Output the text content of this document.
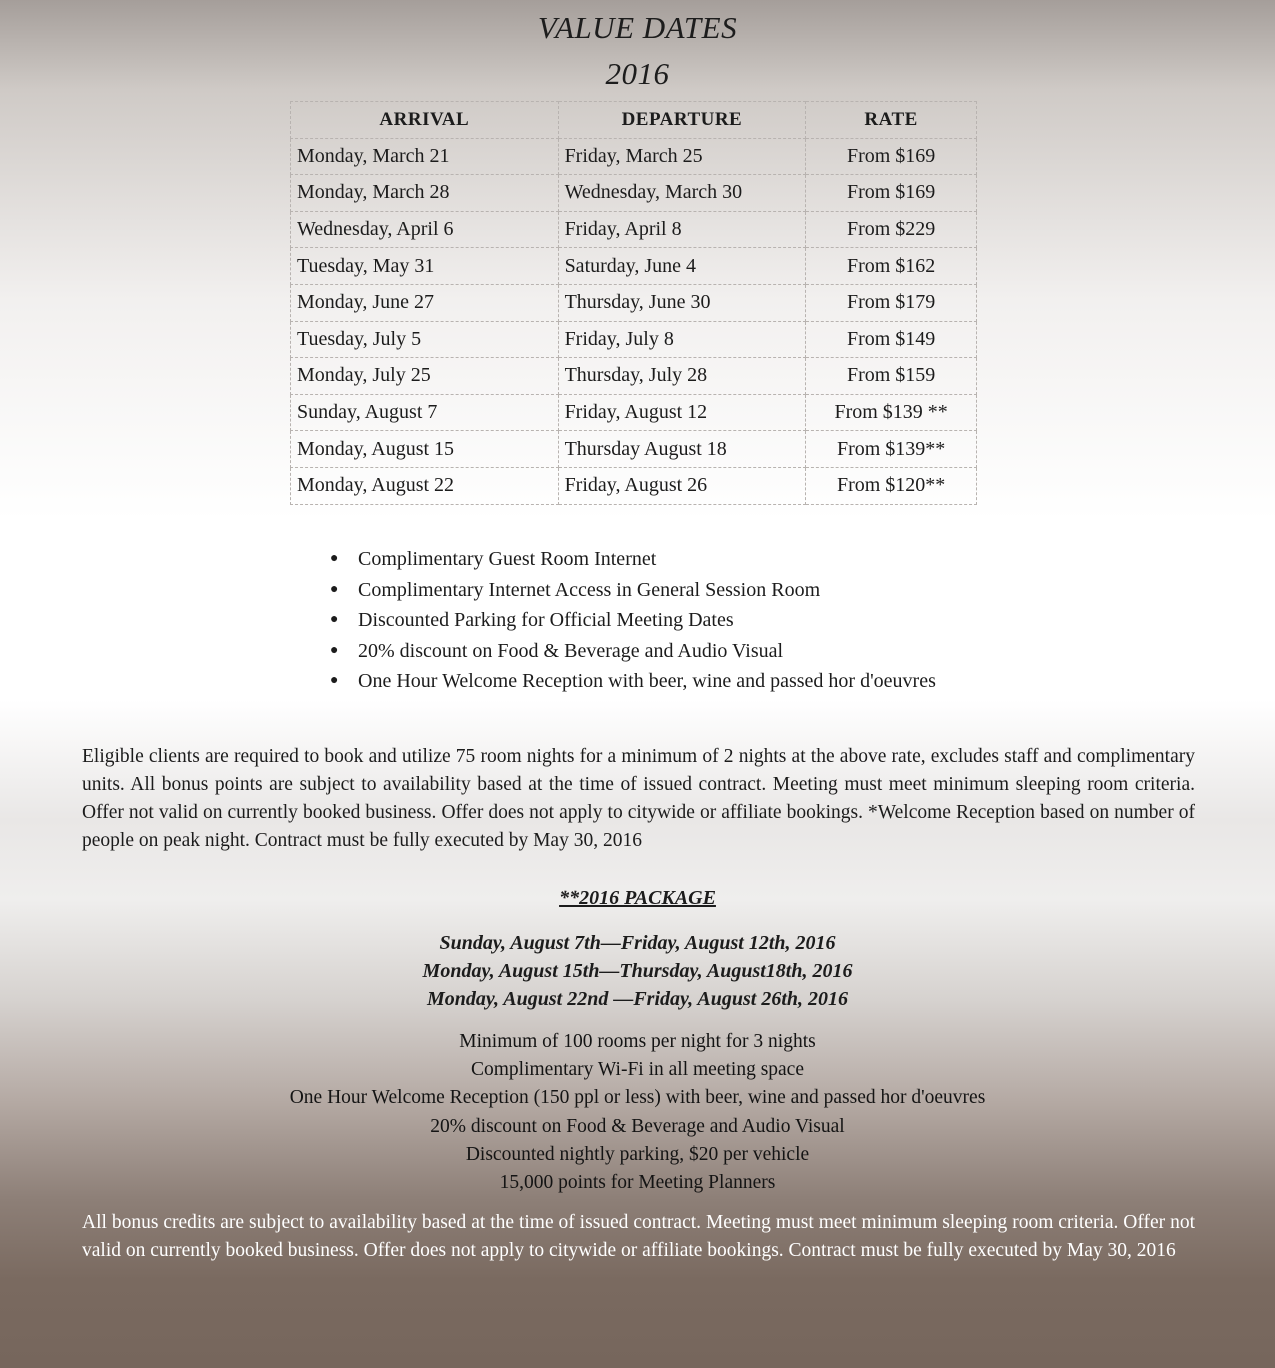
VALUE DATES
2016
ARRIVAL	DEPARTURE	RATE
Monday, March 21	Friday, March 25	From $169
Monday, March 28	Wednesday, March 30	From $169
Wednesday, April 6	Friday, April 8	From $229
Tuesday, May 31	Saturday, June 4	From $162
Monday, June 27	Thursday, June 30	From $179
Tuesday, July 5	Friday, July 8	From $149
Monday, July 25	Thursday, July 28	From $159
Sunday, August 7	Friday, August 12	From $139 **
Monday, August 15	Thursday August 18	From $139**
Monday, August 22	Friday, August 26	From $120**
● Complimentary Guest Room Internet
● Complimentary Internet Access in General Session Room
● Discounted Parking for Official Meeting Dates
● 20% discount on Food & Beverage and Audio Visual
● One Hour Welcome Reception with beer, wine and passed hor d'oeuvres
Eligible clients are required to book and utilize 75 room nights for a minimum of 2 nights at the above rate, excludes staff and complimentary units. All bonus points are subject to availability based at the time of issued contract. Meeting must meet minimum sleeping room criteria. Offer not valid on currently booked business. Offer does not apply to citywide or affiliate bookings. *Welcome Reception based on number of people on peak night. Contract must be fully executed by May 30, 2016
**2016 PACKAGE
Sunday, August 7th—Friday, August 12th, 2016
Monday, August 15th—Thursday, August18th, 2016
Monday, August 22nd —Friday, August 26th, 2016
Minimum of 100 rooms per night for 3 nights
Complimentary Wi-Fi in all meeting space
One Hour Welcome Reception (150 ppl or less) with beer, wine and passed hor d'oeuvres
20% discount on Food & Beverage and Audio Visual
Discounted nightly parking, $20 per vehicle
15,000 points for Meeting Planners
All bonus credits are subject to availability based at the time of issued contract. Meeting must meet minimum sleeping room criteria. Offer not valid on currently booked business. Offer does not apply to citywide or affiliate bookings. Contract must be fully executed by May 30, 2016
